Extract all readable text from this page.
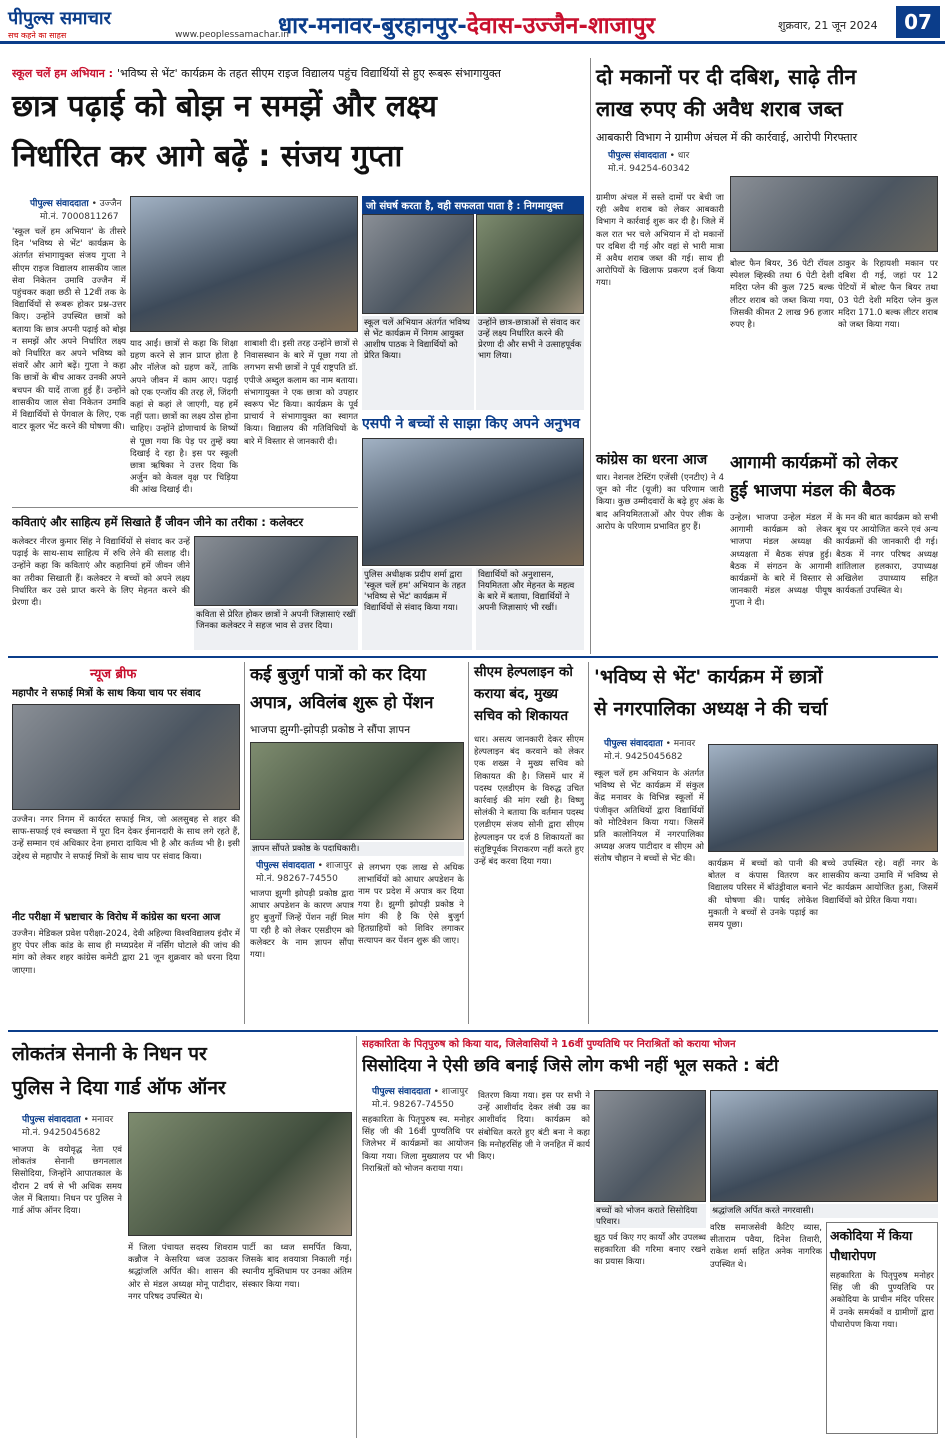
पीपुल्स समाचार
सच कहने का साहस	www.peoplessamachar.in
धार-मनावर-बुरहानपुर-देवास-उज्जैन-शाजापुर	शुक्रवार, 21 जून 2024	07
स्कूल चलें हम अभियान : 'भविष्य से भेंट' कार्यक्रम के तहत सीएम राइज विद्यालय पहुंच विद्यार्थियों से हुए रूबरू संभागायुक्त
छात्र पढ़ाई को बोझ न समझें और लक्ष्य
निर्धारित कर आगे बढ़ें : संजय गुप्ता
पीपुल्स संवाददाता • उज्जैन
मो.नं. 7000811267
'स्कूल चलें हम अभियान' के तीसरे दिन 'भविष्य से भेंट' कार्यक्रम के अंतर्गत संभागायुक्त संजय गुप्ता ने सीएम राइज विद्यालय शासकीय जाल सेवा निकेतन उमावि उज्जैन में पहुंचकर कक्षा छठी से 12वीं तक के विद्यार्थियों से रूबरू होकर प्रश्न-उत्तर किए। उन्होंने उपस्थित छात्रों को बताया कि छात्र अपनी पढ़ाई को बोझ न समझें और अपने निर्धारित लक्ष्य को निर्धारित कर अपने भविष्य को संवारें और आगे बढ़ें। गुप्ता ने कहा कि छात्रों के बीच आकर उनकी अपने बचपन की यादें ताजा हुई हैं। उन्होंने शासकीय जाल सेवा निकेतन उमावि में विद्यार्थियों से पेंगवाल के लिए, एक वाटर कूलर भेंट करने की घोषणा की।
याद आईं। छात्रों से कहा कि शिक्षा ग्रहण करने से ज्ञान प्राप्त होता है और नॉलेज को ग्रहण करें, ताकि अपने जीवन में काम आए। पढ़ाई को एक एन्जॉय की तरह लें, जिंदगी कहां से कहां ले जाएगी, यह हमें नहीं पता। छात्रों का लक्ष्य ठोस होना चाहिए। उन्होंने द्रोणाचार्य के शिष्यों से पूछा गया कि पेड़ पर तुम्हें क्या दिखाई दे रहा है। इस पर स्कूली छात्रा ऋषिका ने उत्तर दिया कि अर्जुन को केवल वृक्ष पर चिड़िया की आंख दिखाई दी।
शाबाशी दी। इसी तरह उन्होंने छात्रों से निवासस्थान के बारे में पूछा गया तो लगभग सभी छात्रों ने पूर्व राष्ट्रपति डॉ. एपीजे अब्दुल कलाम का नाम बताया। संभागायुक्त ने एक छात्रा को उपहार स्वरूप भेंट किया। कार्यक्रम के पूर्व प्राचार्य ने संभागायुक्त का स्वागत किया। विद्यालय की गतिविधियों के बारे में विस्तार से जानकारी दी।
जो संघर्ष करता है, वही सफलता पाता है : निगमायुक्त
स्कूल चलें अभियान अंतर्गत भविष्य से भेंट कार्यक्रम में निगम आयुक्त आशीष पाठक ने विद्यार्थियों को प्रेरित किया।
उन्होंने छात्र-छात्राओं से संवाद कर उन्हें लक्ष्य निर्धारित करने की प्रेरणा दी और सभी ने उत्साहपूर्वक भाग लिया।
एसपी ने बच्चों से साझा किए अपने अनुभव
पुलिस अधीक्षक प्रदीप शर्मा द्वारा 'स्कूल चलें हम' अभियान के तहत 'भविष्य से भेंट' कार्यक्रम में विद्यार्थियों से संवाद किया गया।
विद्यार्थियों को अनुशासन, नियमितता और मेहनत के महत्व के बारे में बताया, विद्यार्थियों ने अपनी जिज्ञासाएं भी रखीं।
कविताएं और साहित्य हमें सिखाते हैं जीवन जीने का तरीका : कलेक्टर
कलेक्टर नीरज कुमार सिंह ने विद्यार्थियों से संवाद कर उन्हें पढ़ाई के साथ-साथ साहित्य में रुचि लेने की सलाह दी। उन्होंने कहा कि कविताएं और कहानियां हमें जीवन जीने का तरीका सिखाती हैं। कलेक्टर ने बच्चों को अपने लक्ष्य निर्धारित कर उसे प्राप्त करने के लिए मेहनत करने की प्रेरणा दी।
कविता से प्रेरित होकर छात्रों ने अपनी जिज्ञासाएं रखीं जिनका कलेक्टर ने सहज भाव से उत्तर दिया।
दो मकानों पर दी दबिश, साढ़े तीन
लाख रुपए की अवैध शराब जब्त
आबकारी विभाग ने ग्रामीण अंचल में की कार्रवाई, आरोपी गिरफ्तार
पीपुल्स संवाददाता • धार
मो.नं. 94254-60342
ग्रामीण अंचल में सस्ते दामों पर बेची जा रही अवैध शराब को लेकर आबकारी विभाग ने कार्रवाई शुरू कर दी है। जिले में कल रात भर चले अभियान में दो मकानों पर दबिश दी गई और वहां से भारी मात्रा में अवैध शराब जब्त की गई। साथ ही आरोपियों के खिलाफ प्रकरण दर्ज किया गया।
बोल्ट फैन बियर, 36 पेटी रॉयल स्पेशल व्हिस्की तथा 6 पेटी देशी मदिरा प्लेन की कुल 725 बल्क लीटर शराब को जब्त किया गया, जिसकी कीमत 2 लाख 96 हजार रुपए है।
ठाकुर के रिहायशी मकान पर दबिश दी गई, जहां पर 12 पेटियों में बोल्ट फैन बियर तथा 03 पेटी देशी मदिरा प्लेन कुल मदिरा 171.0 बल्क लीटर शराब को जब्त किया गया।
कांग्रेस का धरना आज
धार। नेशनल टेस्टिंग एजेंसी (एनटीए) ने 4 जून को नीट (यूजी) का परिणाम जारी किया। कुछ उम्मीदवारों के बढ़े हुए अंक के बाद अनियमितताओं और पेपर लीक के आरोप के परिणाम प्रभावित हुए हैं।
आगामी कार्यक्रमों को लेकर
हुई भाजपा मंडल की बैठक
उन्हेल। भाजपा उन्हेल मंडल में आगामी कार्यक्रम को लेकर भाजपा मंडल अध्यक्ष की अध्यक्षता में बैठक संपन्न हुई। बैठक में संगठन के आगामी कार्यक्रमों के बारे में विस्तार से जानकारी मंडल अध्यक्ष पीयूष गुप्ता ने दी।
के मन की बात कार्यक्रम को सभी बूथ पर आयोजित करने एवं अन्य कार्यक्रमों की जानकारी दी गई। बैठक में नगर परिषद अध्यक्ष शांतिलाल हलकारा, उपाध्यक्ष अखिलेश उपाध्याय सहित कार्यकर्ता उपस्थित थे।
न्यूज ब्रीफ
महापौर ने सफाई मित्रों के साथ किया चाय पर संवाद
उज्जैन। नगर निगम में कार्यरत सफाई मित्र, जो अलसुबह से शहर की साफ-सफाई एवं स्वच्छता में पूरा दिन देकर ईमानदारी के साथ लगे रहते हैं, उन्हें सम्मान एवं अधिकार देना हमारा दायित्व भी है और कर्तव्य भी है। इसी उद्देश्य से महापौर ने सफाई मित्रों के साथ चाय पर संवाद किया।
नीट परीक्षा में भ्रष्टाचार के विरोध में कांग्रेस का धरना आज
उज्जैन। मेडिकल प्रवेश परीक्षा-2024, देवी अहिल्या विश्वविद्यालय इंदौर में हुए पेपर लीक कांड के साथ ही मध्यप्रदेश में नर्सिंग घोटाले की जांच की मांग को लेकर शहर कांग्रेस कमेटी द्वारा 21 जून शुक्रवार को धरना दिया जाएगा।
कई बुजुर्ग पात्रों को कर दिया
अपात्र, अविलंब शुरू हो पेंशन
भाजपा झुग्गी-झोपड़ी प्रकोष्ठ ने सौंपा ज्ञापन
ज्ञापन सौंपते प्रकोष्ठ के पदाधिकारी।
पीपुल्स संवाददाता • शाजापुर
मो.नं. 98267-74550
भाजपा झुग्गी झोपड़ी प्रकोष्ठ द्वारा आधार अपडेशन के कारण अपात्र हुए बुजुर्गों जिन्हें पेंशन नहीं मिल पा रही है को लेकर एसडीएम को कलेक्टर के नाम ज्ञापन सौंपा गया।
से लगभग एक लाख से अधिक लाभार्थियों को आधार अपडेशन के नाम पर प्रदेश में अपात्र कर दिया गया है। झुग्गी झोपड़ी प्रकोष्ठ ने मांग की है कि ऐसे बुजुर्ग हितग्राहियों को शिविर लगाकर सत्यापन कर पेंशन शुरू की जाए।
सीएम हेल्पलाइन को
कराया बंद, मुख्य
सचिव को शिकायत
धार। असत्य जानकारी देकर सीएम हेल्पलाइन बंद करवाने को लेकर एक शख्स ने मुख्य सचिव को शिकायत की है। जिसमें धार में पदस्थ एलडीएम के विरुद्ध उचित कार्रवाई की मांग रखी है। विष्णु सोलंकी ने बताया कि वर्तमान पदस्थ एलडीएम संजय सोनी द्वारा सीएम हेल्पलाइन पर दर्ज 8 शिकायतों का संतुष्टिपूर्वक निराकरण नहीं करते हुए उन्हें बंद करवा दिया गया।
'भविष्य से भेंट' कार्यक्रम में छात्रों
से नगरपालिका अध्यक्ष ने की चर्चा
पीपुल्स संवाददाता • मनावर
मो.नं. 9425045682
स्कूल चलें हम अभियान के अंतर्गत भविष्य से भेंट कार्यक्रम में संकुल केंद्र मनावर के विभिन्न स्कूलों में पंजीकृत अतिथियों द्वारा विद्यार्थियों को मोटिवेशन किया गया। जिसमें प्रति कालोनियल में नगरपालिका अध्यक्ष अजय पाटीदार व सीएम ओ संतोष चौहान ने बच्चों से भेंट की।	कार्यक्रम में बच्चों को पानी की बोतल व कंपास वितरण कर विद्यालय परिसर में बॉउंड्रीवाल बनाने की घोषणा की। पार्षद लोकेश मुकाती ने बच्चों से उनके पढ़ाई का समय पूछा।
बच्चे उपस्थित रहे। वहीं नगर के शासकीय कन्या उमावि में भविष्य से भेंट कार्यक्रम आयोजित हुआ, जिसमें विद्यार्थियों को प्रेरित किया गया।
लोकतंत्र सेनानी के निधन पर
पुलिस ने दिया गार्ड ऑफ ऑनर
पीपुल्स संवाददाता • मनावर
मो.नं. 9425045682
भाजपा के वयोवृद्ध नेता एवं लोकतंत्र सेनानी छगनलाल सिसोदिया, जिन्होंने आपातकाल के दौरान 2 वर्ष से भी अधिक समय जेल में बिताया। निधन पर पुलिस ने गार्ड ऑफ ऑनर दिया।
में जिला पंचायत सदस्य शिवराम कन्नौज ने केसरिया ध्वज उठाकर श्रद्धांजलि अर्पित की। शासन की ओर से मंडल अध्यक्ष मोनू पाटीदार, नगर परिषद उपस्थित थे।
पार्टी का ध्वज समर्पित किया, जिसके बाद शवयात्रा निकाली गई। स्थानीय मुक्तिधाम पर उनका अंतिम संस्कार किया गया।
सहकारिता के पितृपुरुष को किया याद, जिलेवासियों ने 16वीं पुण्यतिथि पर निराश्रितों को कराया भोजन
सिसोदिया ने ऐसी छवि बनाई जिसे लोग कभी नहीं भूल सकते : बंटी
पीपुल्स संवाददाता • शाजापुर
मो.नं. 98267-74550
सहकारिता के पितृपुरुष स्व. मनोहर सिंह जी की 16वीं पुण्यतिथि पर जिलेभर में कार्यक्रमों का आयोजन किया गया। जिला मुख्यालय पर भी निराश्रितों को भोजन कराया गया।
वितरण किया गया। इस पर सभी ने उन्हें आशीर्वाद देकर लंबी उम्र का आशीर्वाद दिया। कार्यक्रम को संबोधित करते हुए बंटी बना ने कहा कि मनोहरसिंह जी ने जनहित में कार्य किए।
बच्चों को भोजन कराते सिसोदिया परिवार।
श्रद्धांजलि अर्पित करते नगरवासी।
झूठ पर्व किए गए कार्यों और उपलब्ध सहकारिता की गरिमा बनाए रखने का प्रयास किया।
वरिष्ठ समाजसेवी कैटिए व्यास, सीताराम पवैया, दिनेश तिवारी, राकेश शर्मा सहित अनेक नागरिक उपस्थित थे।
अकोदिया में किया
पौधारोपण
सहकारिता के पितृपुरुष मनोहर सिंह जी की पुण्यतिथि पर अकोदिया के प्राचीन मंदिर परिसर में उनके समर्थकों व ग्रामीणों द्वारा पौधारोपण किया गया।
